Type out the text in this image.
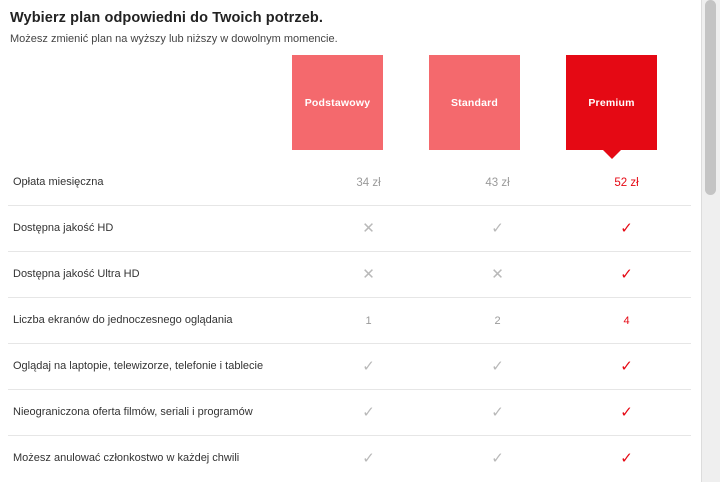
Wybierz plan odpowiedni do Twoich potrzeb.
Możesz zmienić plan na wyższy lub niższy w dowolnym momencie.
Podstawowy	Standard	Premium
Opłata miesięczna	34 zł	43 zł	52 zł
Dostępna jakość HD	✕	✓	✓
Dostępna jakość Ultra HD	✕	✕	✓
Liczba ekranów do jednoczesnego oglądania	1	2	4
Oglądaj na laptopie, telewizorze, telefonie i tablecie	✓	✓	✓
Nieograniczona oferta filmów, seriali i programów	✓	✓	✓
Możesz anulować członkostwo w każdej chwili	✓	✓	✓
